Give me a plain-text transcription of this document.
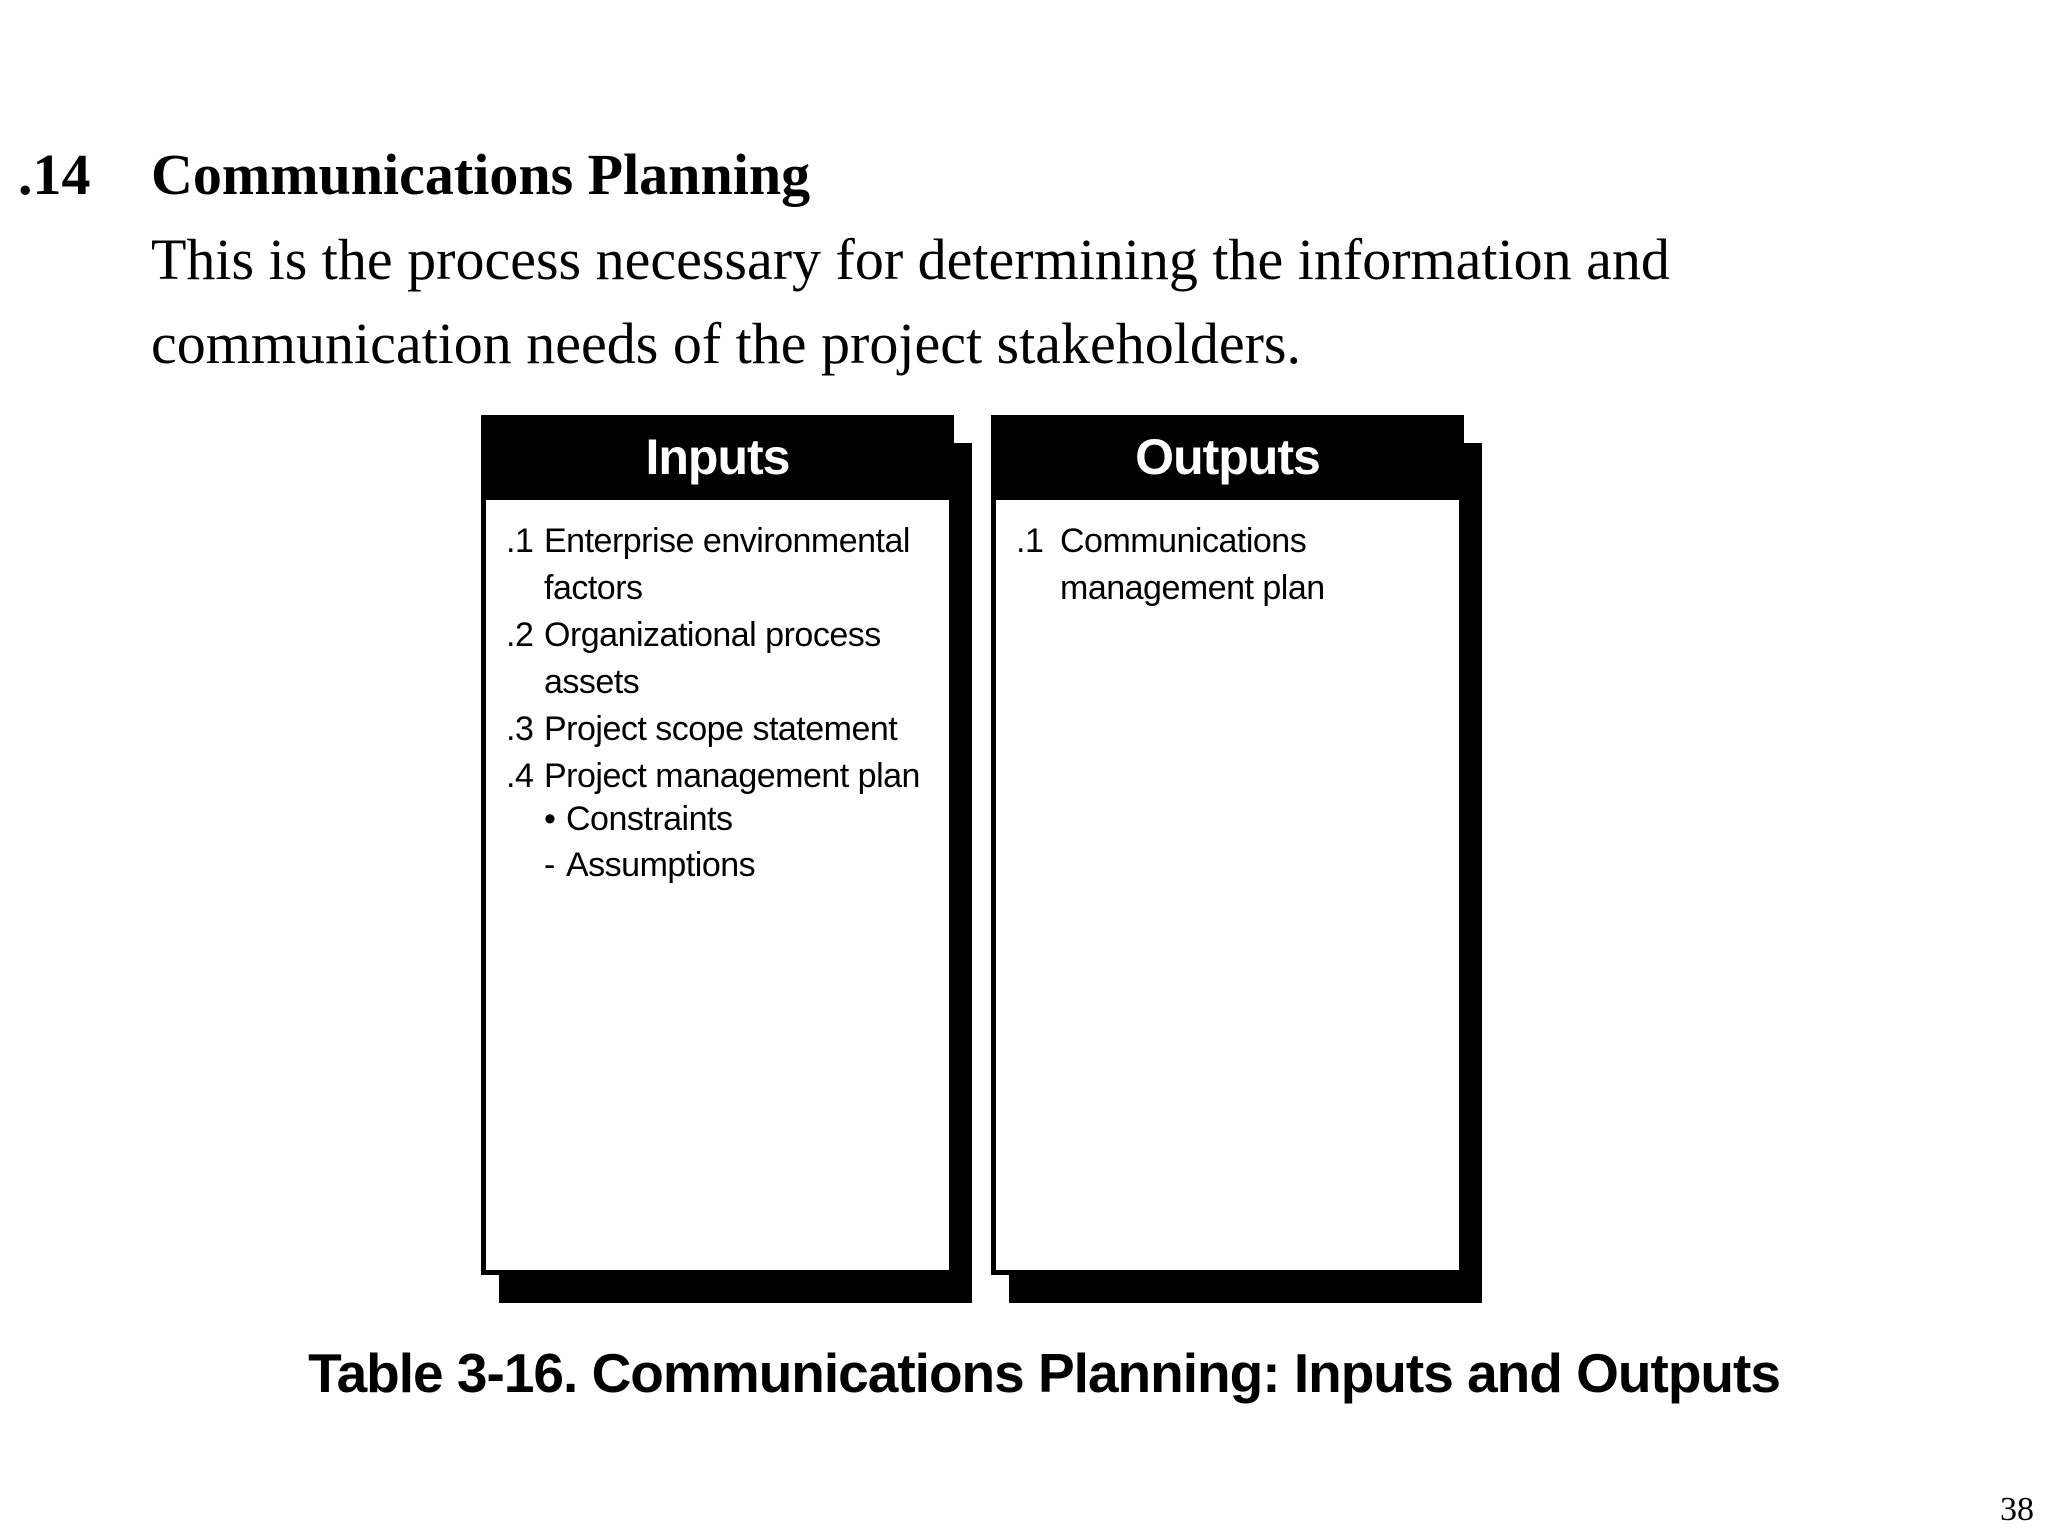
.14 Communications Planning
This is the process necessary for determining the information and communication needs of the project stakeholders.
Inputs
.1 Enterprise environmental factors
.2 Organizational process assets
.3 Project scope statement
.4 Project management plan
• Constraints
- Assumptions
Outputs
.1 Communications management plan
Table 3-16. Communications Planning: Inputs and Outputs
38
